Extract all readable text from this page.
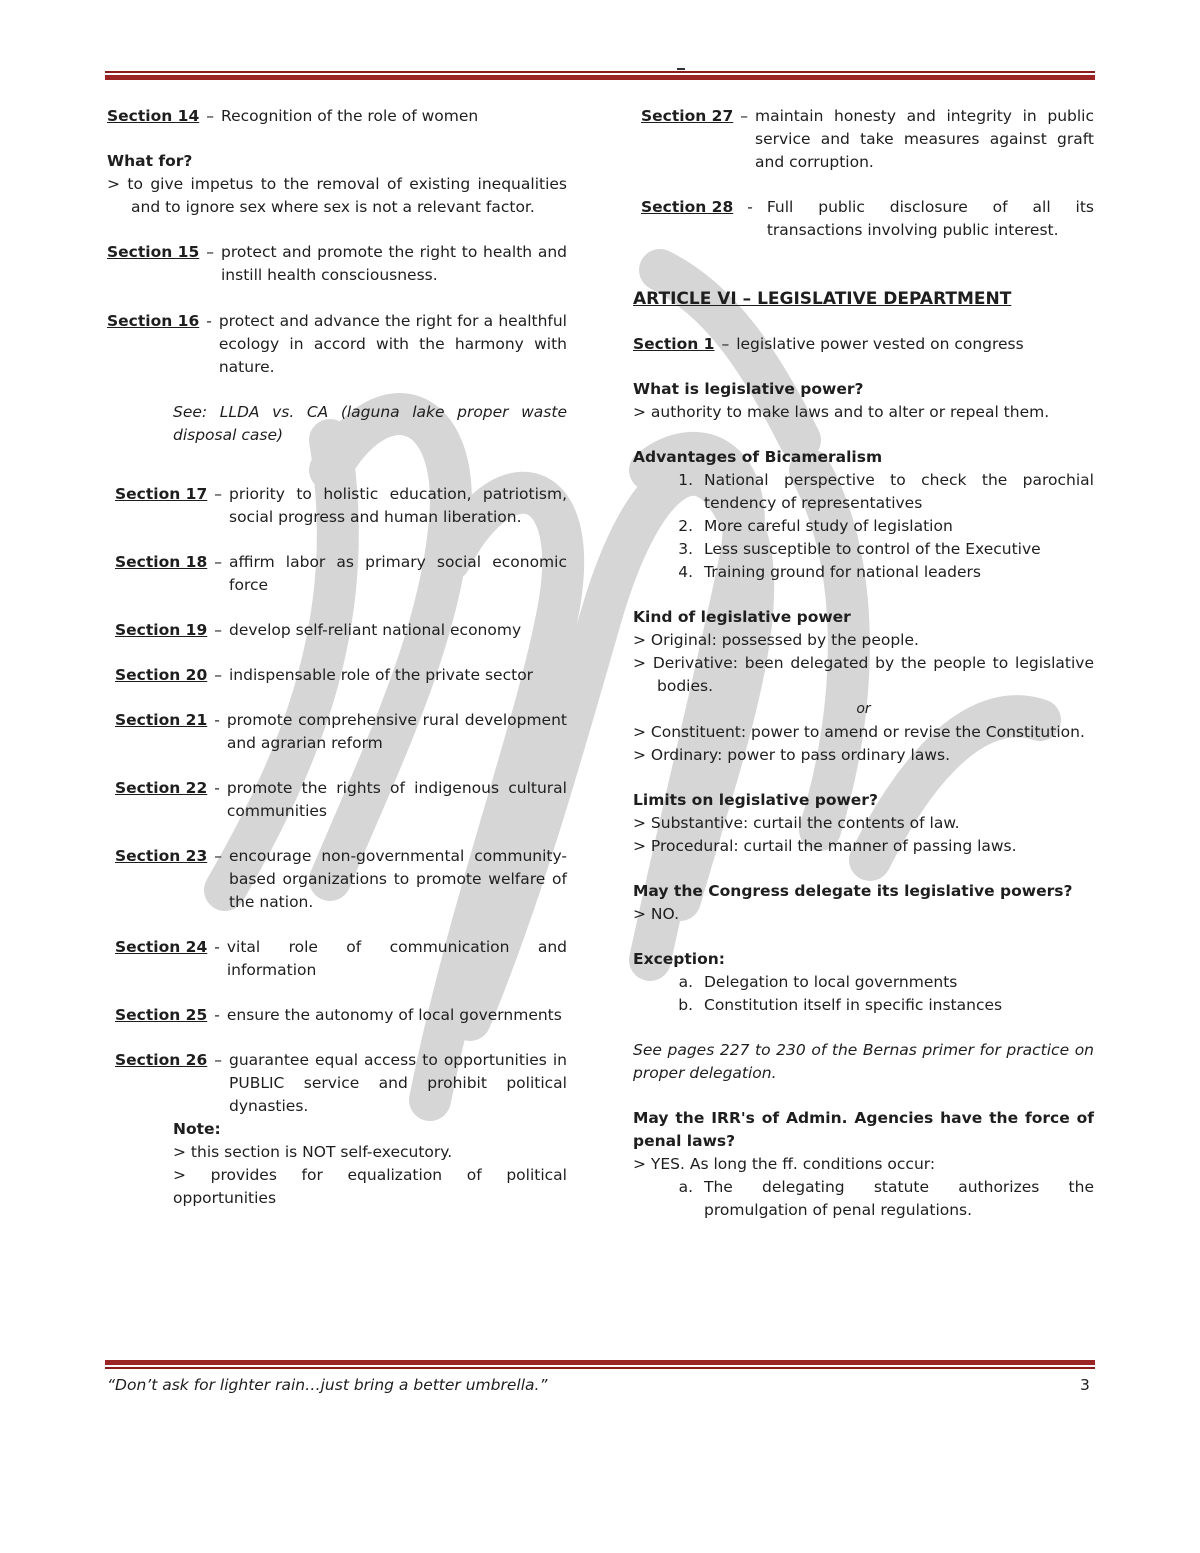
Section 14 – Recognition of the role of women
What for?
> to give impetus to the removal of existing inequalities and to ignore sex where sex is not a relevant factor.
Section 15 – protect and promote the right to health and instill health consciousness.
Section 16 - protect and advance the right for a healthful ecology in accord with the harmony with nature.
See: LLDA vs. CA (laguna lake proper waste disposal case)
Section 17 – priority to holistic education, patriotism, social progress and human liberation.
Section 18 – affirm labor as primary social economic force
Section 19 – develop self-reliant national economy
Section 20 – indispensable role of the private sector
Section 21 - promote comprehensive rural development and agrarian reform
Section 22 - promote the rights of indigenous cultural communities
Section 23 – encourage non-governmental community-based organizations to promote welfare of the nation.
Section 24 - vital role of communication and information
Section 25 - ensure the autonomy of local governments
Section 26 – guarantee equal access to opportunities in PUBLIC service and prohibit political dynasties.
Note:
> this section is NOT self-executory.
> provides for equalization of political opportunities
Section 27 – maintain honesty and integrity in public service and take measures against graft and corruption.
Section 28 - Full public disclosure of all its transactions involving public interest.
ARTICLE VI – LEGISLATIVE DEPARTMENT
Section 1 – legislative power vested on congress
What is legislative power?
> authority to make laws and to alter or repeal them.
Advantages of Bicameralism
1. National perspective to check the parochial tendency of representatives
2. More careful study of legislation
3. Less susceptible to control of the Executive
4. Training ground for national leaders
Kind of legislative power
> Original: possessed by the people.
> Derivative: been delegated by the people to legislative bodies.
or
> Constituent: power to amend or revise the Constitution.
> Ordinary: power to pass ordinary laws.
Limits on legislative power?
> Substantive: curtail the contents of law.
> Procedural: curtail the manner of passing laws.
May the Congress delegate its legislative powers?
> NO.
Exception:
a. Delegation to local governments
b. Constitution itself in specific instances
See pages 227 to 230 of the Bernas primer for practice on proper delegation.
May the IRR's of Admin. Agencies have the force of penal laws?
> YES. As long the ff. conditions occur:
a. The delegating statute authorizes the promulgation of penal regulations.
“Don’t ask for lighter rain…just bring a better umbrella.”	3
